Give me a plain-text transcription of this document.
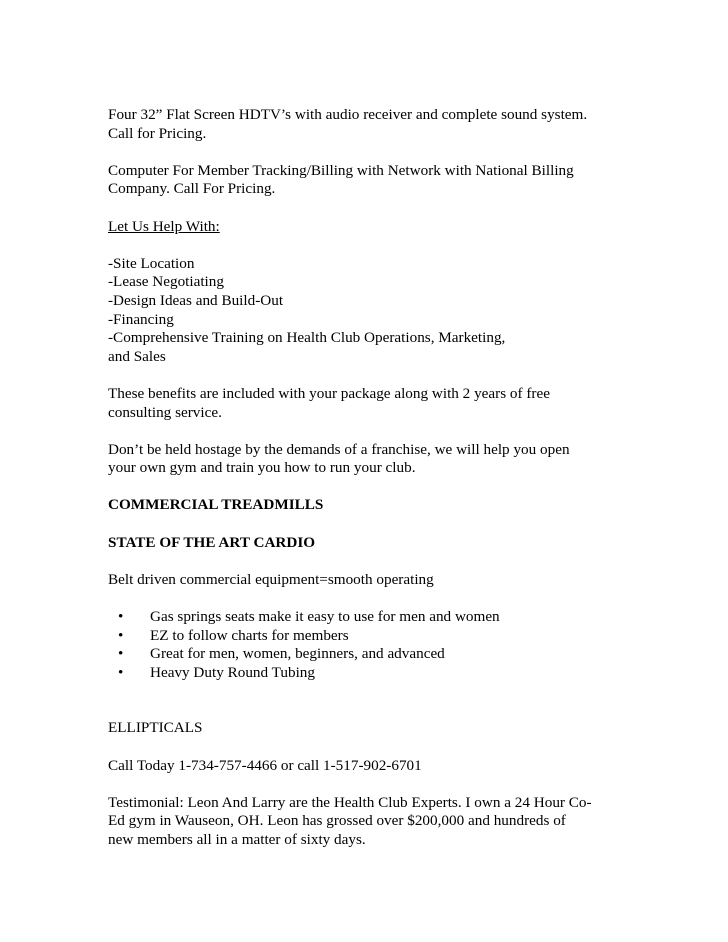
Four 32” Flat Screen HDTV’s with audio receiver and complete sound system.
Call for Pricing.

Computer For Member Tracking/Billing with Network with National Billing
Company. Call For Pricing.

Let Us Help With:

-Site Location
-Lease Negotiating
-Design Ideas and Build-Out
-Financing
-Comprehensive Training on Health Club Operations, Marketing,
and Sales

These benefits are included with your package along with 2 years of free
consulting service.

Don’t be held hostage by the demands of a franchise, we will help you open
your own gym and train you how to run your club.

COMMERCIAL TREADMILLS

STATE OF THE ART CARDIO

Belt driven commercial equipment=smooth operating

• Gas springs seats make it easy to use for men and women
• EZ to follow charts for members
• Great for men, women, beginners, and advanced
• Heavy Duty Round Tubing

ELLIPTICALS

Call Today 1-734-757-4466 or call 1-517-902-6701

Testimonial: Leon And Larry are the Health Club Experts. I own a 24 Hour Co-
Ed gym in Wauseon, OH. Leon has grossed over $200,000 and hundreds of
new members all in a matter of sixty days.
